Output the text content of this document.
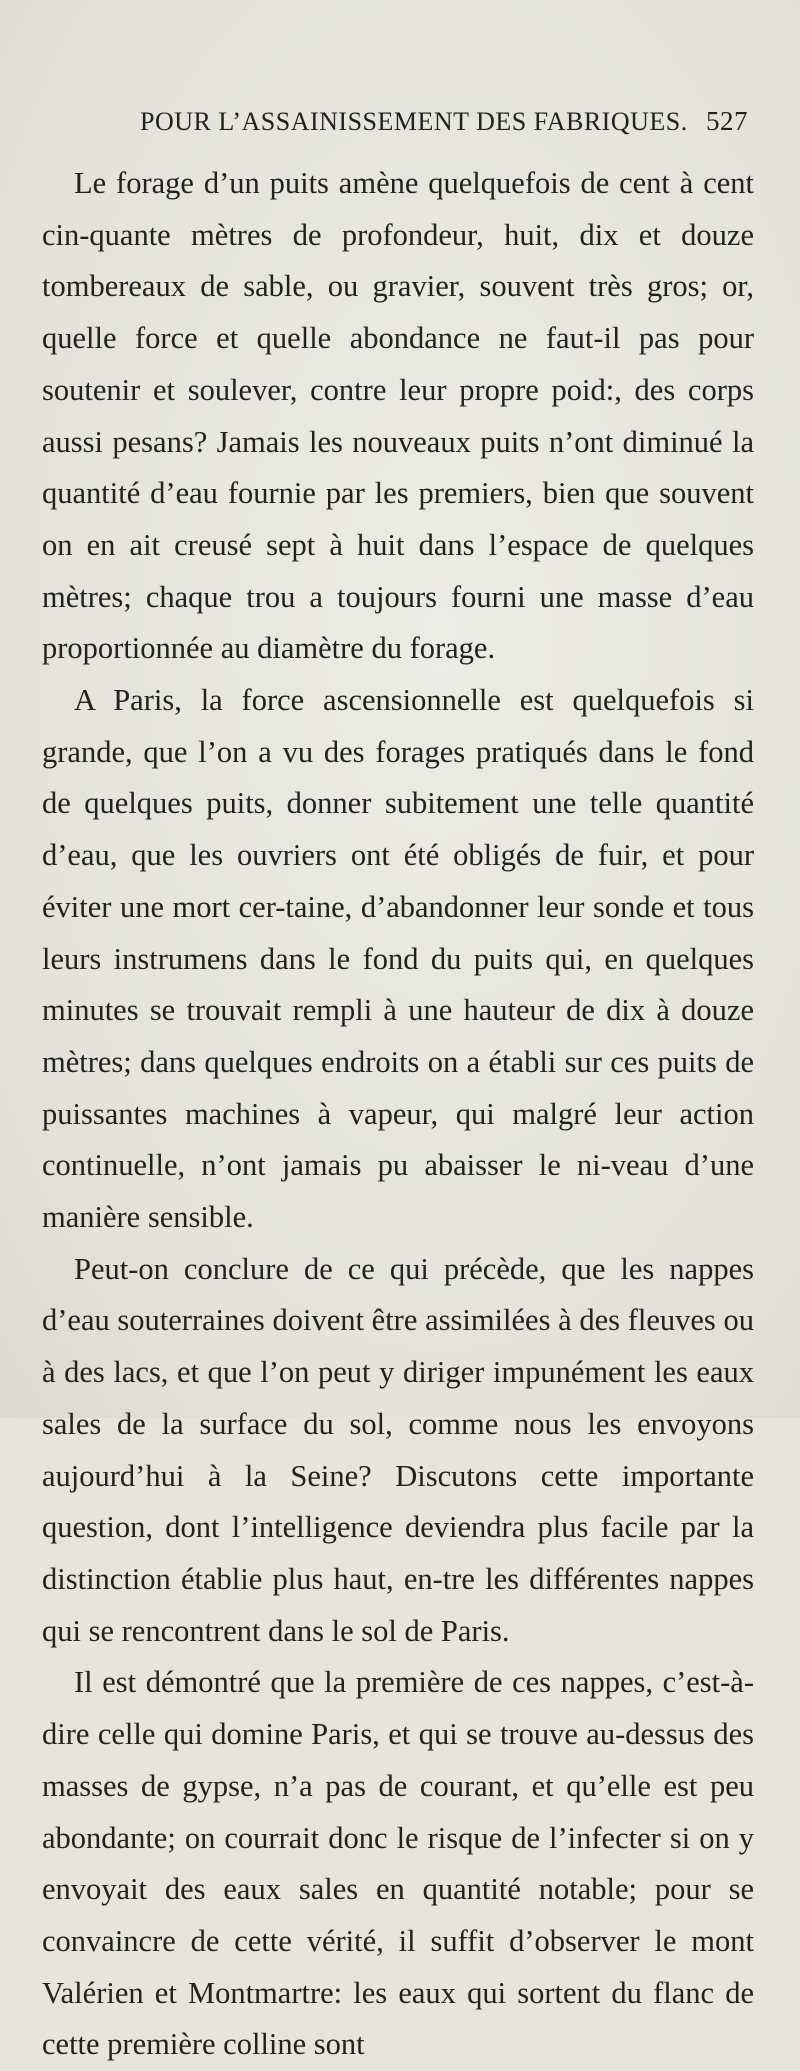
POUR L’ASSAINISSEMENT DES FABRIQUES. 527

Le forage d’un puits amène quelquefois de cent à cent cin-quante mètres de profondeur, huit, dix et douze tombereaux de sable, ou gravier, souvent très gros; or, quelle force et quelle abondance ne faut-il pas pour soutenir et soulever, contre leur propre poid:, des corps aussi pesans? Jamais les nouveaux puits n’ont diminué la quantité d’eau fournie par les premiers, bien que souvent on en ait creusé sept à huit dans l’espace de quelques mètres; chaque trou a toujours fourni une masse d’eau proportionnée au diamètre du forage.

A Paris, la force ascensionnelle est quelquefois si grande, que l’on a vu des forages pratiqués dans le fond de quelques puits, donner subitement une telle quantité d’eau, que les ouvriers ont été obligés de fuir, et pour éviter une mort cer-taine, d’abandonner leur sonde et tous leurs instrumens dans le fond du puits qui, en quelques minutes se trouvait rempli à une hauteur de dix à douze mètres; dans quelques endroits on a établi sur ces puits de puissantes machines à vapeur, qui malgré leur action continuelle, n’ont jamais pu abaisser le ni-veau d’une manière sensible.

Peut-on conclure de ce qui précède, que les nappes d’eau souterraines doivent être assimilées à des fleuves ou à des lacs, et que l’on peut y diriger impunément les eaux sales de la surface du sol, comme nous les envoyons aujourd’hui à la Seine? Discutons cette importante question, dont l’intelligence deviendra plus facile par la distinction établie plus haut, en-tre les différentes nappes qui se rencontrent dans le sol de Paris.

Il est démontré que la première de ces nappes, c’est-à-dire celle qui domine Paris, et qui se trouve au-dessus des masses de gypse, n’a pas de courant, et qu’elle est peu abondante; on courrait donc le risque de l’infecter si on y envoyait des eaux sales en quantité notable; pour se convaincre de cette vérité, il suffit d’observer le mont Valérien et Montmartre: les eaux qui sortent du flanc de cette première colline sont
